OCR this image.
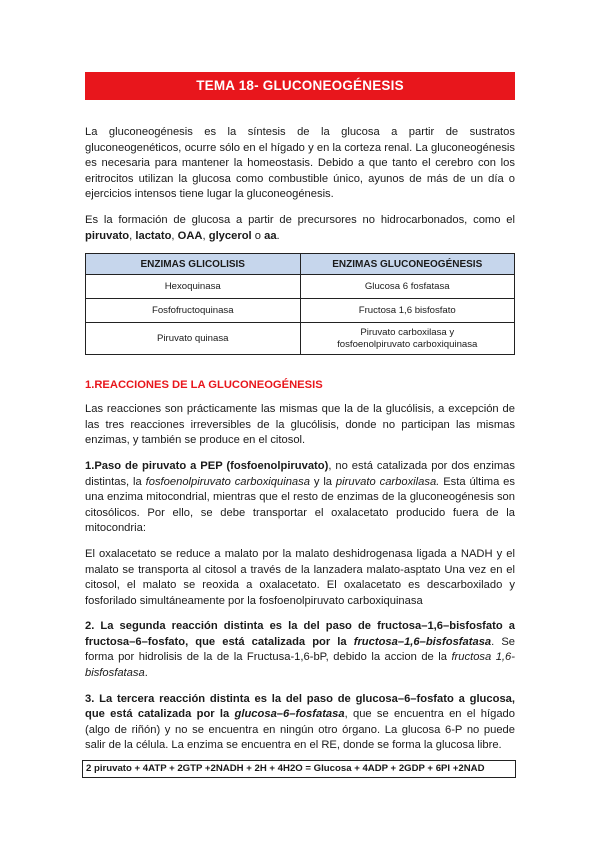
TEMA 18- GLUCONEOGÉNESIS

La gluconeogénesis es la síntesis de la glucosa a partir de sustratos gluconeogenéticos, ocurre sólo en el hígado y en la corteza renal. La gluconeogénesis es necesaria para mantener la homeostasis. Debido a que tanto el cerebro con los eritrocitos utilizan la glucosa como combustible único, ayunos de más de un día o ejercicios intensos tiene lugar la gluconeogénesis.

Es la formación de glucosa a partir de precursores no hidrocarbonados, como el piruvato, lactato, OAA, glycerol o aa.

ENZIMAS GLICOLISIS	ENZIMAS GLUCONEOGÉNESIS
Hexoquinasa	Glucosa 6 fosfatasa
Fosfofructoquinasa	Fructosa 1,6 bisfosfato
Piruvato quinasa	Piruvato carboxilasa y fosfoenolpiruvato carboxiquinasa
1.REACCIONES DE LA GLUCONEOGÉNESIS

Las reacciones son prácticamente las mismas que la de la glucólisis, a excepción de las tres reacciones irreversibles de la glucólisis, donde no participan las mismas enzimas, y también se produce en el citosol.

1.Paso de piruvato a PEP (fosfoenolpiruvato), no está catalizada por dos enzimas distintas, la fosfoenolpiruvato carboxiquinasa y la piruvato carboxilasa. Esta última es una enzima mitocondrial, mientras que el resto de enzimas de la gluconeogénesis son citosólicos. Por ello, se debe transportar el oxalacetato producido fuera de la mitocondria:

El oxalacetato se reduce a malato por la malato deshidrogenasa ligada a NADH y el malato se transporta al citosol a través de la lanzadera malato-asptato Una vez en el citosol, el malato se reoxida a oxalacetato. El oxalacetato es descarboxilado y fosforilado simultáneamente por la fosfoenolpiruvato carboxiquinasa

2. La segunda reacción distinta es la del paso de fructosa–1,6–bisfosfato a fructosa–6–fosfato, que está catalizada por la fructosa–1,6–bisfosfatasa. Se forma por hidrolisis de la de la Fructusa-1,6-bP, debido la accion de la fructosa 1,6-bisfosfatasa.

3. La tercera reacción distinta es la del paso de glucosa–6–fosfato a glucosa, que está catalizada por la glucosa–6–fosfatasa, que se encuentra en el hígado (algo de riñón) y no se encuentra en ningún otro órgano. La glucosa 6-P no puede salir de la célula. La enzima se encuentra en el RE, donde se forma la glucosa libre.

2 piruvato + 4ATP + 2GTP +2NADH + 2H + 4H2O = Glucosa + 4ADP + 2GDP + 6PI +2NAD
